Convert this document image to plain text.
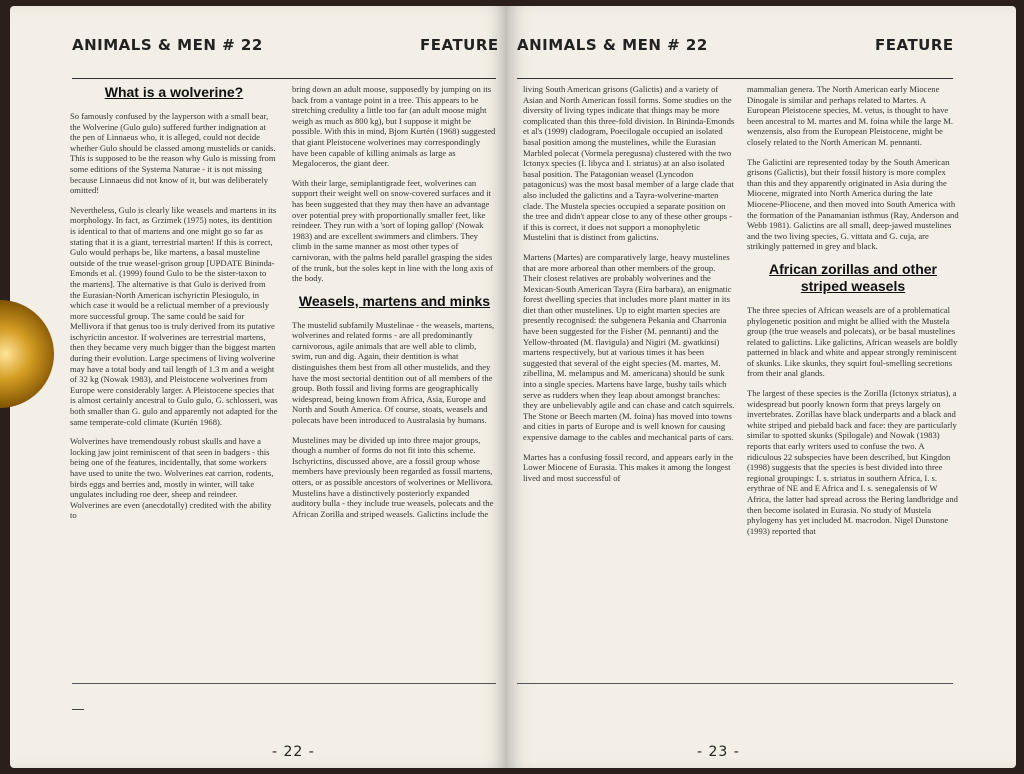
ANIMALS & MEN # 22	FEATURE
What is a wolverine?

So famously confused by the layperson with a small bear, the Wolverine (Gulo gulo) suffered further indignation at the pen of Linnaeus who, it is alleged, could not decide whether Gulo should be classed among mustelids or canids. This is supposed to be the reason why Gulo is missing from some editions of the Systema Naturae - it is not missing because Linnaeus did not know of it, but was deliberately omitted!

Nevertheless, Gulo is clearly like weasels and martens in its morphology. In fact, as Grzimek (1975) notes, its dentition is identical to that of martens and one might go so far as stating that it is a giant, terrestrial marten! If this is correct, Gulo would perhaps be, like martens, a basal musteline outside of the true weasel-grison group [UPDATE Bininda-Emonds et al. (1999) found Gulo to be the sister-taxon to the martens]. The alternative is that Gulo is derived from the Eurasian-North American ischyrictin Plesiogulo, in which case it would be a relictual member of a previously more successful group. The same could be said for Mellivora if that genus too is truly derived from its putative ischyrictin ancestor. If wolverines are terrestrial martens, then they became very much bigger than the biggest marten during their evolution. Large specimens of living wolverine may have a total body and tail length of 1.3 m and a weight of 32 kg (Nowak 1983), and Pleistocene wolverines from Europe were considerably larger. A Pleistocene species that is almost certainly ancestral to Gulo gulo, G. schlosseri, was both smaller than G. gulo and apparently not adapted for the same temperate-cold climate (Kurtén 1968).

Wolverines have tremendously robust skulls and have a locking jaw joint reminiscent of that seen in badgers - this being one of the features, incidentally, that some workers have used to unite the two. Wolverines eat carrion, rodents, birds eggs and berries and, mostly in winter, will take ungulates including roe deer, sheep and reindeer. Wolverines are even (anecdotally) credited with the ability to

bring down an adult moose, supposedly by jumping on its back from a vantage point in a tree. This appears to be stretching credulity a little too far (an adult moose might weigh as much as 800 kg), but I suppose it might be possible. With this in mind, Bjorn Kurtén (1968) suggested that giant Pleistocene wolverines may correspondingly have been capable of killing animals as large as Megaloceros, the giant deer.

With their large, semiplantigrade feet, wolverines can support their weight well on snow-covered surfaces and it has been suggested that they may then have an advantage over potential prey with proportionally smaller feet, like reindeer. They run with a 'sort of loping gallop' (Nowak 1983) and are excellent swimmers and climbers. They climb in the same manner as most other types of carnivoran, with the palms held parallel grasping the sides of the trunk, but the soles kept in line with the long axis of the body.

Weasels, martens and minks

The mustelid subfamily Mustelinae - the weasels, martens, wolverines and related forms - are all predominantly carnivorous, agile animals that are well able to climb, swim, run and dig. Again, their dentition is what distinguishes them best from all other mustelids, and they have the most sectorial dentition out of all members of the group. Both fossil and living forms are geographically widespread, being known from Africa, Asia, Europe and North and South America. Of course, stoats, weasels and polecats have been introduced to Australasia by humans.

Mustelines may be divided up into three major groups, though a number of forms do not fit into this scheme. Ischyrictins, discussed above, are a fossil group whose members have previously been regarded as fossil martens, otters, or as possible ancestors of wolverines or Mellivora. Mustelins have a distinctively posteriorly expanded auditory bulla - they include true weasels, polecats and the African Zorilla and striped weasels. Galictins include the

- 22 -
ANIMALS & MEN # 22	FEATURE

living South American grisons (Galictis) and a variety of Asian and North American fossil forms. Some studies on the diversity of living types indicate that things may be more complicated than this three-fold division. In Bininda-Emonds et al's (1999) cladogram, Poecilogale occupied an isolated basal position among the mustelines, while the Eurasian Marbled polecat (Vormela peregusna) clustered with the two Ictonyx species (I. libyca and I. striatus) at an also isolated basal position. The Patagonian weasel (Lyncodon patagonicus) was the most basal member of a large clade that also included the galictins and a Tayra-wolverine-marten clade. The Mustela species occupied a separate position on the tree and didn't appear close to any of these other groups - if this is correct, it does not support a monophyletic Mustelini that is distinct from galictins.

Martens (Martes) are comparatively large, heavy mustelines that are more arboreal than other members of the group. Their closest relatives are probably wolverines and the Mexican-South American Tayra (Eira barbara), an enigmatic forest dwelling species that includes more plant matter in its diet than other mustelines. Up to eight marten species are presently recognised: the subgenera Pekania and Charronia have been suggested for the Fisher (M. pennanti) and the Yellow-throated (M. flavigula) and Nigiri (M. gwatkinsi) martens respectively, but at various times it has been suggested that several of the eight species (M. martes, M. zibellina, M. melampus and M. americana) should be sunk into a single species. Martens have large, bushy tails which serve as rudders when they leap about amongst branches: they are unbelievably agile and can chase and catch squirrels. The Stone or Beech marten (M. foina) has moved into towns and cities in parts of Europe and is well known for causing expensive damage to the cables and mechanical parts of cars.

Martes has a confusing fossil record, and appears early in the Lower Miocene of Eurasia. This makes it among the longest lived and most successful of

mammalian genera. The North American early Miocene Dinogale is similar and perhaps related to Martes. A European Pleistocene species, M. vetus, is thought to have been ancestral to M. martes and M. foina while the large M. wenzensis, also from the European Pleistocene, might be closely related to the North American M. pennanti.

The Galictini are represented today by the South American grisons (Galictis), but their fossil history is more complex than this and they apparently originated in Asia during the Miocene, migrated into North America during the late Miocene-Pliocene, and then moved into South America with the formation of the Panamanian isthmus (Ray, Anderson and Webb 1981). Galictins are all small, deep-jawed mustelines and the two living species, G. vittata and G. cuja, are strikingly patterned in grey and black.

African zorillas and other striped weasels

The three species of African weasels are of a problematical phylogenetic position and might be allied with the Mustela group (the true weasels and polecats), or be basal mustelines related to galictins. Like galictins, African weasels are boldly patterned in black and white and appear strongly reminiscent of skunks. Like skunks, they squirt foul-smelling secretions from their anal glands.

The largest of these species is the Zorilla (Ictonyx striatus), a widespread but poorly known form that preys largely on invertebrates. Zorillas have black underparts and a black and white striped and piebald back and face: they are particularly similar to spotted skunks (Spilogale) and Nowak (1983) reports that early writers used to confuse the two. A ridiculous 22 subspecies have been described, but Kingdon (1998) suggests that the species is best divided into three regional groupings: I. s. striatus in southern Africa, I. s. erythrae of NE and E Africa and I. s. senegalensis of W Africa, the latter had spread across the Bering landbridge and then become isolated in Eurasia. No study of Mustela phylogeny has yet included M. macrodon. Nigel Dunstone (1993) reported that

- 23 -
